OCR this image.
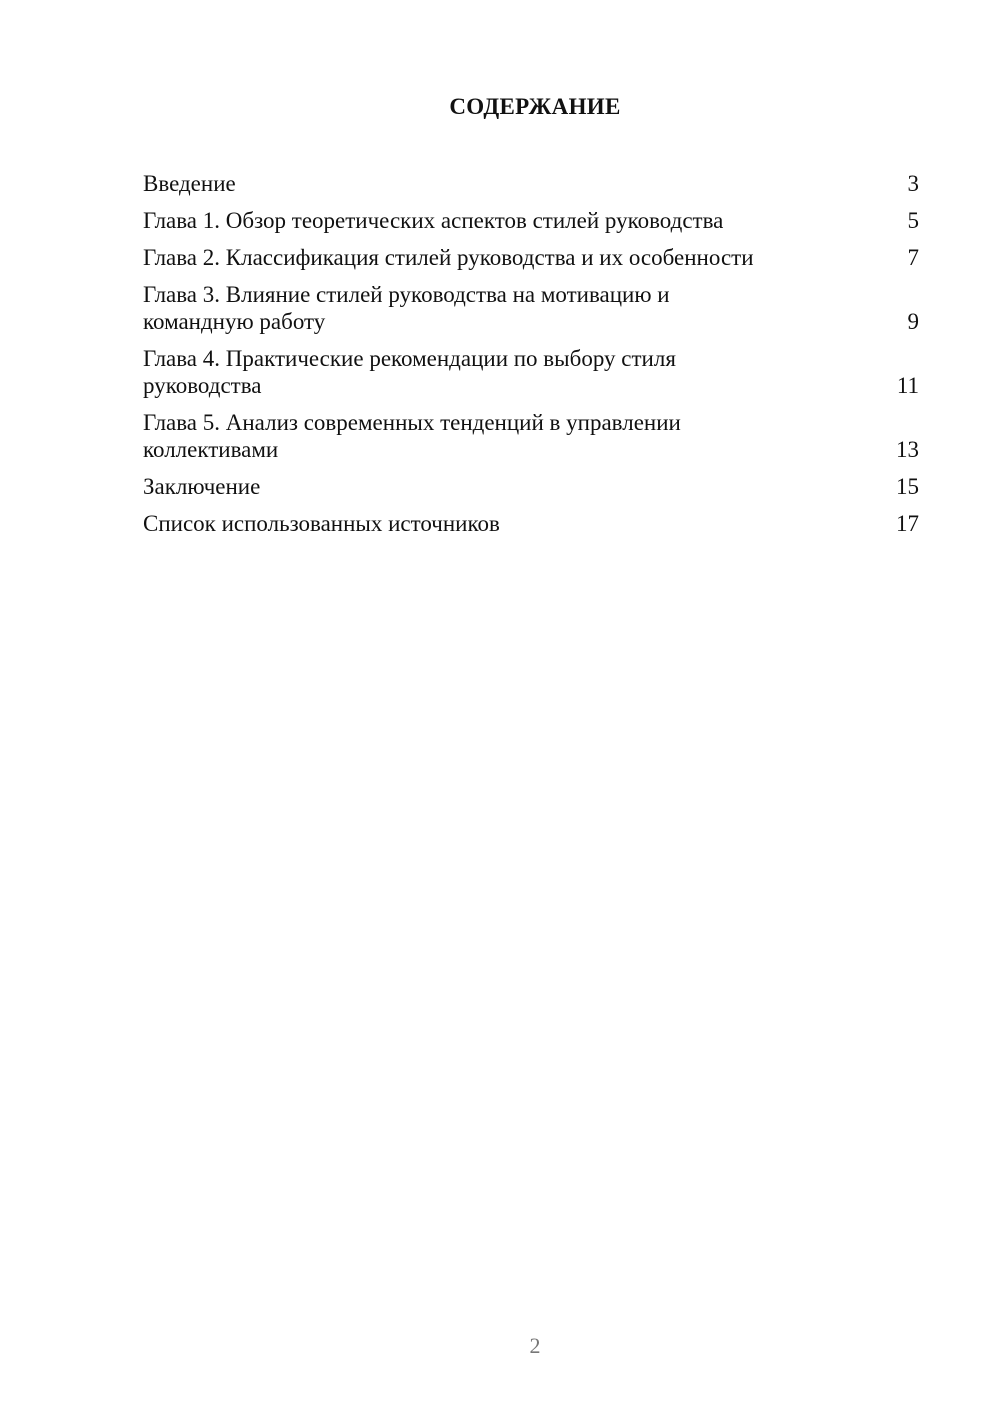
СОДЕРЖАНИЕ
Введение	3
Глава 1. Обзор теоретических аспектов стилей руководства	5
Глава 2. Классификация стилей руководства и их особенности	7
Глава 3. Влияние стилей руководства на мотивацию и командную работу	9
Глава 4. Практические рекомендации по выбору стиля руководства	11
Глава 5. Анализ современных тенденций в управлении коллективами	13
Заключение	15
Список использованных источников	17
2
